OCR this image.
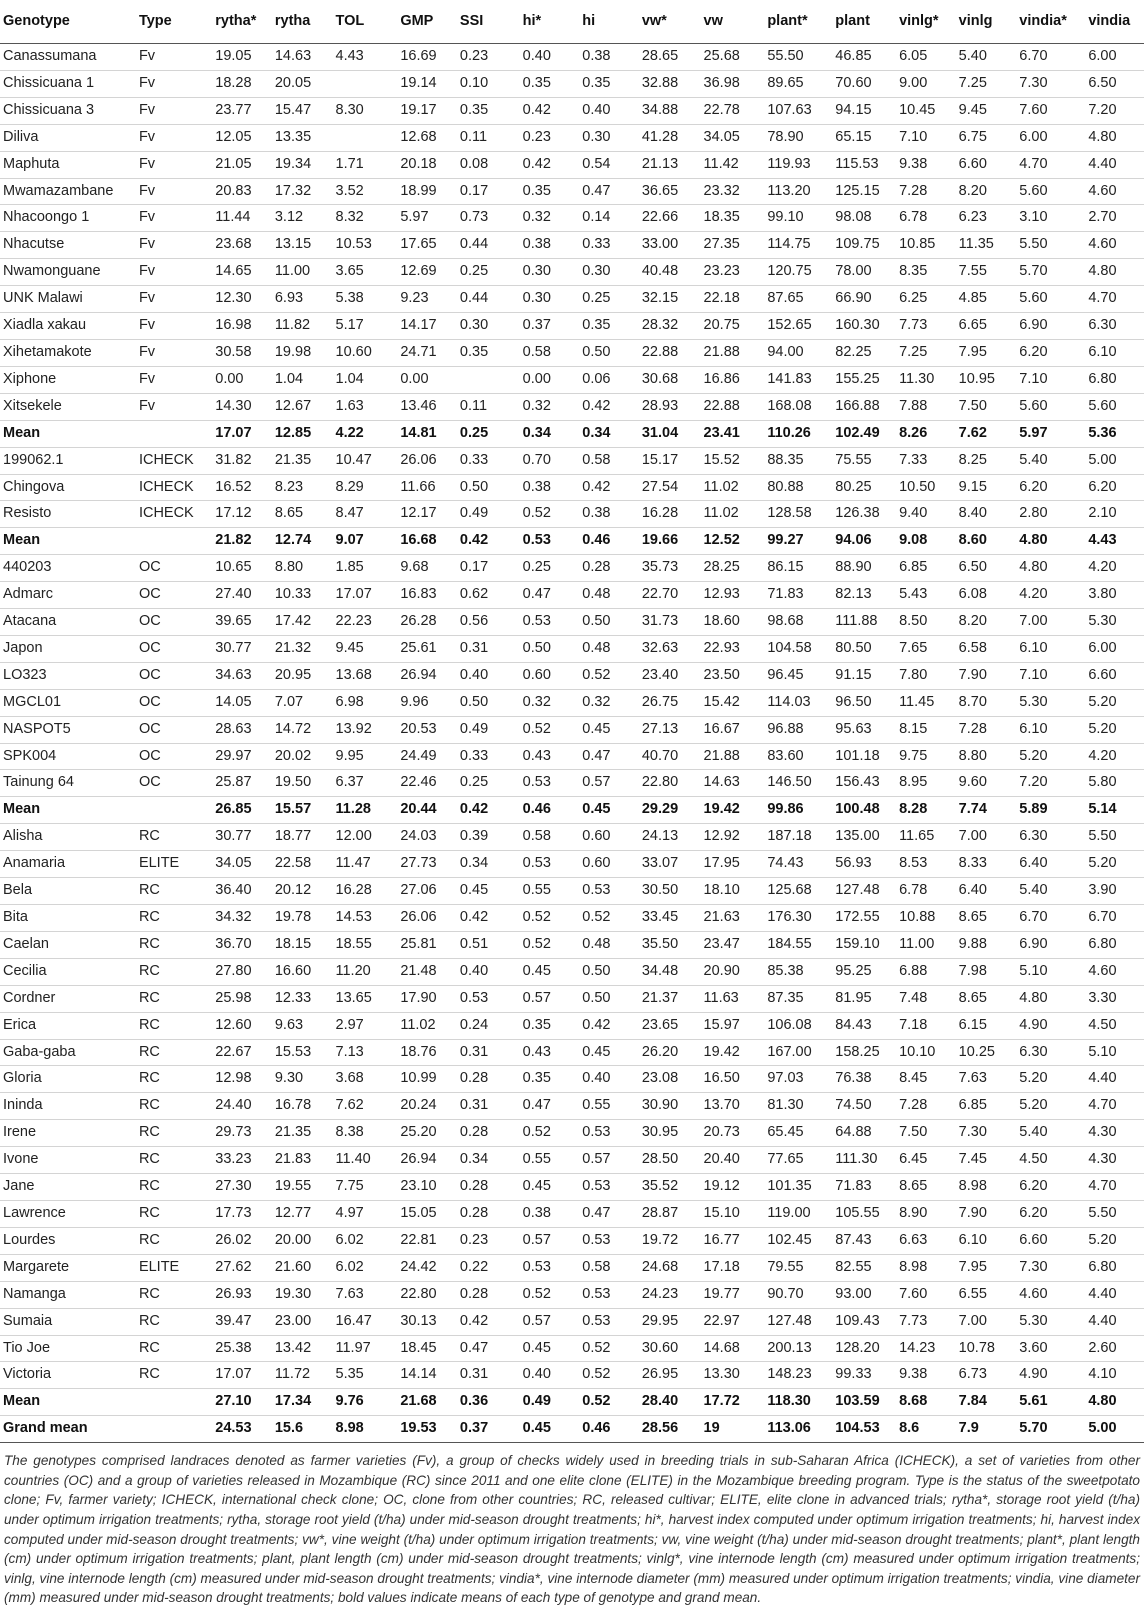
Genotype	Type	rytha*	rytha	TOL	GMP	SSI	hi*	hi	vw*	vw	plant*	plant	vinlg*	vinlg	vindia*	vindia
Canassumana	Fv	19.05	14.63	4.43	16.69	0.23	0.40	0.38	28.65	25.68	55.50	46.85	6.05	5.40	6.70	6.00
Chissicuana 1	Fv	18.28	20.05		19.14	0.10	0.35	0.35	32.88	36.98	89.65	70.60	9.00	7.25	7.30	6.50
Chissicuana 3	Fv	23.77	15.47	8.30	19.17	0.35	0.42	0.40	34.88	22.78	107.63	94.15	10.45	9.45	7.60	7.20
Diliva	Fv	12.05	13.35		12.68	0.11	0.23	0.30	41.28	34.05	78.90	65.15	7.10	6.75	6.00	4.80
Maphuta	Fv	21.05	19.34	1.71	20.18	0.08	0.42	0.54	21.13	11.42	119.93	115.53	9.38	6.60	4.70	4.40
Mwamazambane	Fv	20.83	17.32	3.52	18.99	0.17	0.35	0.47	36.65	23.32	113.20	125.15	7.28	8.20	5.60	4.60
Nhacoongo 1	Fv	11.44	3.12	8.32	5.97	0.73	0.32	0.14	22.66	18.35	99.10	98.08	6.78	6.23	3.10	2.70
Nhacutse	Fv	23.68	13.15	10.53	17.65	0.44	0.38	0.33	33.00	27.35	114.75	109.75	10.85	11.35	5.50	4.60
Nwamonguane	Fv	14.65	11.00	3.65	12.69	0.25	0.30	0.30	40.48	23.23	120.75	78.00	8.35	7.55	5.70	4.80
UNK Malawi	Fv	12.30	6.93	5.38	9.23	0.44	0.30	0.25	32.15	22.18	87.65	66.90	6.25	4.85	5.60	4.70
Xiadla xakau	Fv	16.98	11.82	5.17	14.17	0.30	0.37	0.35	28.32	20.75	152.65	160.30	7.73	6.65	6.90	6.30
Xihetamakote	Fv	30.58	19.98	10.60	24.71	0.35	0.58	0.50	22.88	21.88	94.00	82.25	7.25	7.95	6.20	6.10
Xiphone	Fv	0.00	1.04	1.04	0.00		0.00	0.06	30.68	16.86	141.83	155.25	11.30	10.95	7.10	6.80
Xitsekele	Fv	14.30	12.67	1.63	13.46	0.11	0.32	0.42	28.93	22.88	168.08	166.88	7.88	7.50	5.60	5.60
Mean		17.07	12.85	4.22	14.81	0.25	0.34	0.34	31.04	23.41	110.26	102.49	8.26	7.62	5.97	5.36
199062.1	ICHECK	31.82	21.35	10.47	26.06	0.33	0.70	0.58	15.17	15.52	88.35	75.55	7.33	8.25	5.40	5.00
Chingova	ICHECK	16.52	8.23	8.29	11.66	0.50	0.38	0.42	27.54	11.02	80.88	80.25	10.50	9.15	6.20	6.20
Resisto	ICHECK	17.12	8.65	8.47	12.17	0.49	0.52	0.38	16.28	11.02	128.58	126.38	9.40	8.40	2.80	2.10
Mean		21.82	12.74	9.07	16.68	0.42	0.53	0.46	19.66	12.52	99.27	94.06	9.08	8.60	4.80	4.43
440203	OC	10.65	8.80	1.85	9.68	0.17	0.25	0.28	35.73	28.25	86.15	88.90	6.85	6.50	4.80	4.20
Admarc	OC	27.40	10.33	17.07	16.83	0.62	0.47	0.48	22.70	12.93	71.83	82.13	5.43	6.08	4.20	3.80
Atacana	OC	39.65	17.42	22.23	26.28	0.56	0.53	0.50	31.73	18.60	98.68	111.88	8.50	8.20	7.00	5.30
Japon	OC	30.77	21.32	9.45	25.61	0.31	0.50	0.48	32.63	22.93	104.58	80.50	7.65	6.58	6.10	6.00
LO323	OC	34.63	20.95	13.68	26.94	0.40	0.60	0.52	23.40	23.50	96.45	91.15	7.80	7.90	7.10	6.60
MGCL01	OC	14.05	7.07	6.98	9.96	0.50	0.32	0.32	26.75	15.42	114.03	96.50	11.45	8.70	5.30	5.20
NASPOT5	OC	28.63	14.72	13.92	20.53	0.49	0.52	0.45	27.13	16.67	96.88	95.63	8.15	7.28	6.10	5.20
SPK004	OC	29.97	20.02	9.95	24.49	0.33	0.43	0.47	40.70	21.88	83.60	101.18	9.75	8.80	5.20	4.20
Tainung 64	OC	25.87	19.50	6.37	22.46	0.25	0.53	0.57	22.80	14.63	146.50	156.43	8.95	9.60	7.20	5.80
Mean		26.85	15.57	11.28	20.44	0.42	0.46	0.45	29.29	19.42	99.86	100.48	8.28	7.74	5.89	5.14
Alisha	RC	30.77	18.77	12.00	24.03	0.39	0.58	0.60	24.13	12.92	187.18	135.00	11.65	7.00	6.30	5.50
Anamaria	ELITE	34.05	22.58	11.47	27.73	0.34	0.53	0.60	33.07	17.95	74.43	56.93	8.53	8.33	6.40	5.20
Bela	RC	36.40	20.12	16.28	27.06	0.45	0.55	0.53	30.50	18.10	125.68	127.48	6.78	6.40	5.40	3.90
Bita	RC	34.32	19.78	14.53	26.06	0.42	0.52	0.52	33.45	21.63	176.30	172.55	10.88	8.65	6.70	6.70
Caelan	RC	36.70	18.15	18.55	25.81	0.51	0.52	0.48	35.50	23.47	184.55	159.10	11.00	9.88	6.90	6.80
Cecilia	RC	27.80	16.60	11.20	21.48	0.40	0.45	0.50	34.48	20.90	85.38	95.25	6.88	7.98	5.10	4.60
Cordner	RC	25.98	12.33	13.65	17.90	0.53	0.57	0.50	21.37	11.63	87.35	81.95	7.48	8.65	4.80	3.30
Erica	RC	12.60	9.63	2.97	11.02	0.24	0.35	0.42	23.65	15.97	106.08	84.43	7.18	6.15	4.90	4.50
Gaba-gaba	RC	22.67	15.53	7.13	18.76	0.31	0.43	0.45	26.20	19.42	167.00	158.25	10.10	10.25	6.30	5.10
Gloria	RC	12.98	9.30	3.68	10.99	0.28	0.35	0.40	23.08	16.50	97.03	76.38	8.45	7.63	5.20	4.40
Ininda	RC	24.40	16.78	7.62	20.24	0.31	0.47	0.55	30.90	13.70	81.30	74.50	7.28	6.85	5.20	4.70
Irene	RC	29.73	21.35	8.38	25.20	0.28	0.52	0.53	30.95	20.73	65.45	64.88	7.50	7.30	5.40	4.30
Ivone	RC	33.23	21.83	11.40	26.94	0.34	0.55	0.57	28.50	20.40	77.65	111.30	6.45	7.45	4.50	4.30
Jane	RC	27.30	19.55	7.75	23.10	0.28	0.45	0.53	35.52	19.12	101.35	71.83	8.65	8.98	6.20	4.70
Lawrence	RC	17.73	12.77	4.97	15.05	0.28	0.38	0.47	28.87	15.10	119.00	105.55	8.90	7.90	6.20	5.50
Lourdes	RC	26.02	20.00	6.02	22.81	0.23	0.57	0.53	19.72	16.77	102.45	87.43	6.63	6.10	6.60	5.20
Margarete	ELITE	27.62	21.60	6.02	24.42	0.22	0.53	0.58	24.68	17.18	79.55	82.55	8.98	7.95	7.30	6.80
Namanga	RC	26.93	19.30	7.63	22.80	0.28	0.52	0.53	24.23	19.77	90.70	93.00	7.60	6.55	4.60	4.40
Sumaia	RC	39.47	23.00	16.47	30.13	0.42	0.57	0.53	29.95	22.97	127.48	109.43	7.73	7.00	5.30	4.40
Tio Joe	RC	25.38	13.42	11.97	18.45	0.47	0.45	0.52	30.60	14.68	200.13	128.20	14.23	10.78	3.60	2.60
Victoria	RC	17.07	11.72	5.35	14.14	0.31	0.40	0.52	26.95	13.30	148.23	99.33	9.38	6.73	4.90	4.10
Mean		27.10	17.34	9.76	21.68	0.36	0.49	0.52	28.40	17.72	118.30	103.59	8.68	7.84	5.61	4.80
Grand mean		24.53	15.6	8.98	19.53	0.37	0.45	0.46	28.56	19	113.06	104.53	8.6	7.9	5.70	5.00

The genotypes comprised landraces denoted as farmer varieties (Fv), a group of checks widely used in breeding trials in sub-Saharan Africa (ICHECK), a set of varieties from other countries (OC) and a group of varieties released in Mozambique (RC) since 2011 and one elite clone (ELITE) in the Mozambique breeding program. Type is the status of the sweetpotato clone; Fv, farmer variety; ICHECK, international check clone; OC, clone from other countries; RC, released cultivar; ELITE, elite clone in advanced trials; rytha*, storage root yield (t/ha) under optimum irrigation treatments; rytha, storage root yield (t/ha) under mid-season drought treatments; hi*, harvest index computed under optimum irrigation treatments; hi, harvest index computed under mid-season drought treatments; vw*, vine weight (t/ha) under optimum irrigation treatments; vw, vine weight (t/ha) under mid-season drought treatments; plant*, plant length (cm) under optimum irrigation treatments; plant, plant length (cm) under mid-season drought treatments; vinlg*, vine internode length (cm) measured under optimum irrigation treatments; vinlg, vine internode length (cm) measured under mid-season drought treatments; vindia*, vine internode diameter (mm) measured under optimum irrigation treatments; vindia, vine diameter (mm) measured under mid-season drought treatments; bold values indicate means of each type of genotype and grand mean.
